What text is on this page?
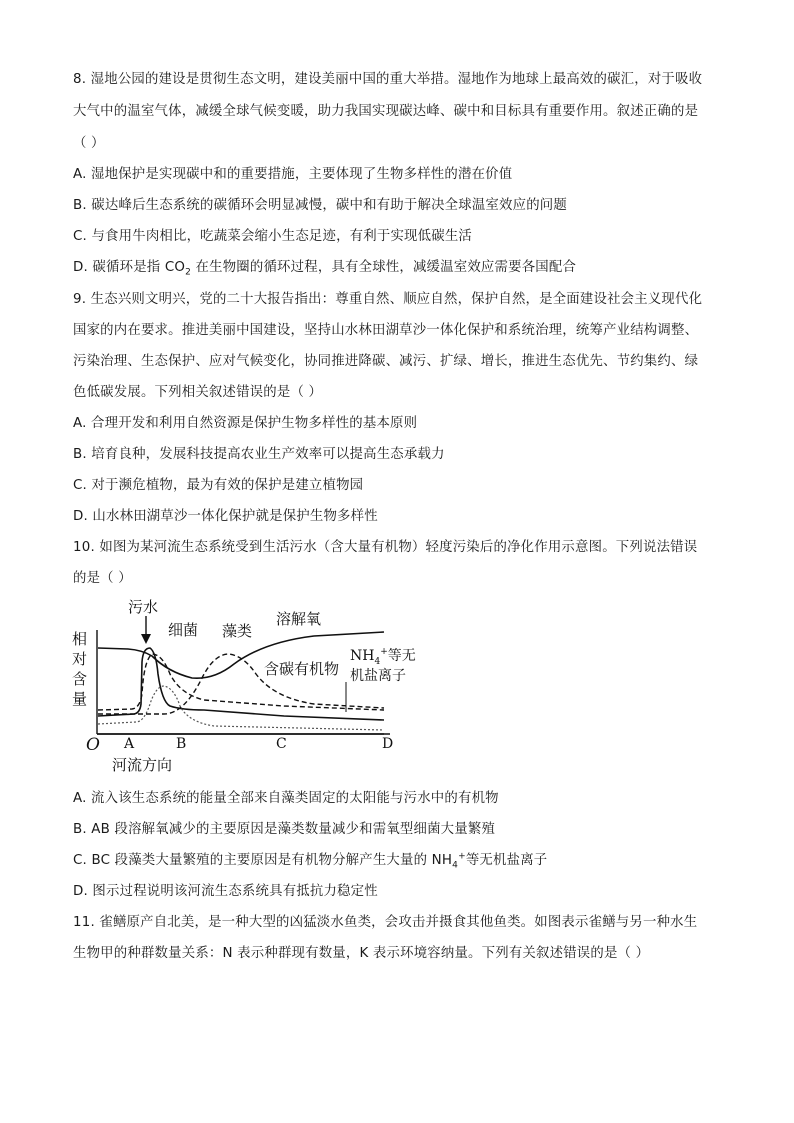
8. 湿地公园的建设是贯彻生态文明，建设美丽中国的重大举措。湿地作为地球上最高效的碳汇，对于吸收
大气中的温室气体，减缓全球气候变暖，助力我国实现碳达峰、碳中和目标具有重要作用。叙述正确的是
（ ）
A. 湿地保护是实现碳中和的重要措施，主要体现了生物多样性的潜在价值
B. 碳达峰后生态系统的碳循环会明显减慢，碳中和有助于解决全球温室效应的问题
C. 与食用牛肉相比，吃蔬菜会缩小生态足迹，有利于实现低碳生活
D. 碳循环是指 $CO_2$ 在生物圈的循环过程，具有全球性，减缓温室效应需要各国配合
9. 生态兴则文明兴，党的二十大报告指出：尊重自然、顺应自然，保护自然，是全面建设社会主义现代化
国家的内在要求。推进美丽中国建设，坚持山水林田湖草沙一体化保护和系统治理，统筹产业结构调整、
污染治理、生态保护、应对气候变化，协同推进降碳、减污、扩绿、增长，推进生态优先、节约集约、绿
色低碳发展。下列相关叙述错误的是（ ）
A. 合理开发和利用自然资源是保护生物多样性的基本原则
B. 培育良种，发展科技提高农业生产效率可以提高生态承载力
C. 对于濒危植物，最为有效的保护是建立植物园
D. 山水林田湖草沙一体化保护就是保护生物多样性
10. 如图为某河流生态系统受到生活污水（含大量有机物）轻度污染后的净化作用示意图。下列说法错误
的是（ ）
污水
细菌 藻类
溶解氧
含碳有机物
$NH_4^+$等无
机盐离子
相
对
含
量
O A	B	C	D
河流方向
A. 流入该生态系统的能量全部来自藻类固定的太阳能与污水中的有机物
B. AB 段溶解氧减少的主要原因是藻类数量减少和需氧型细菌大量繁殖
C. BC 段藻类大量繁殖的主要原因是有机物分解产生大量的 $NH_4^+$等无机盐离子
D. 图示过程说明该河流生态系统具有抵抗力稳定性
11. 雀鳝原产自北美，是一种大型的凶猛淡水鱼类，会攻击并摄食其他鱼类。如图表示雀鳝与另一种水生
生物甲的种群数量关系：N 表示种群现有数量，K 表示环境容纳量。下列有关叙述错误的是（ ）
